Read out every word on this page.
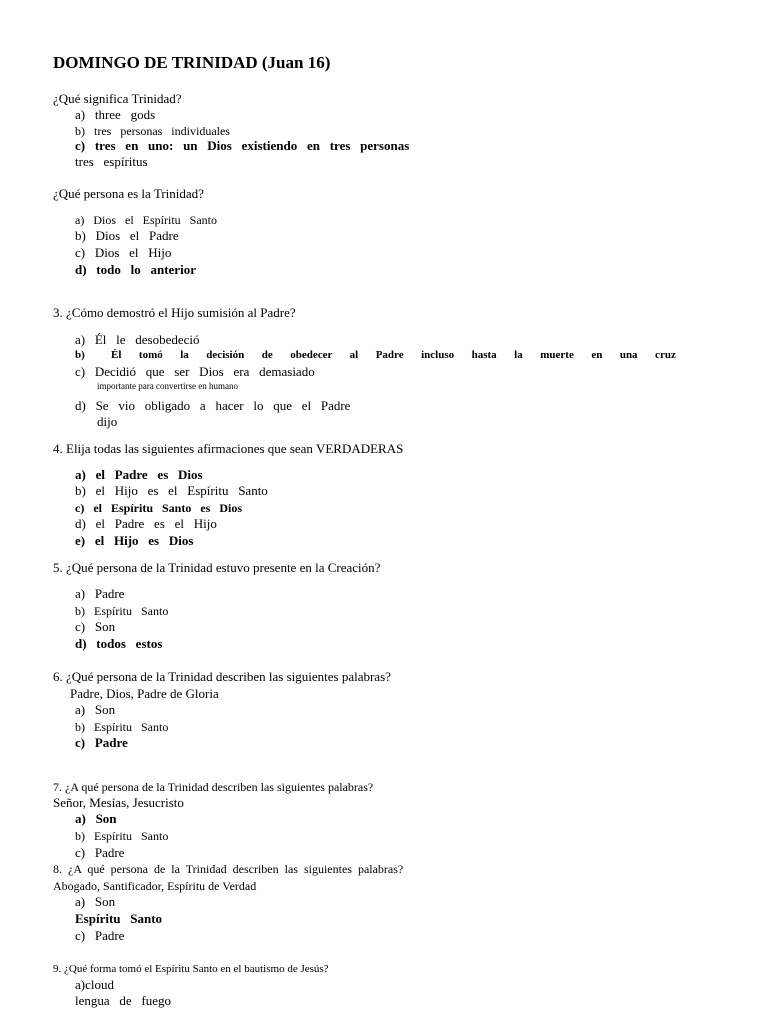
DOMINGO DE TRINIDAD (Juan 16)
¿Qué significa Trinidad?
a)   three   gods
b)   tres   personas   individuales
c)   tres   en   uno:   un   Dios   existiendo   en   tres   personas
tres   espíritus
¿Qué persona es la Trinidad?
a)   Dios   el   Espíritu   Santo
b)   Dios   el   Padre
c)   Dios   el   Hijo
d)   todo   lo   anterior
3. ¿Cómo demostró el Hijo sumisión al Padre?
a)   Él   le   desobedeció
b)   Él  tomó  la  decisión  de  obedecer  al  Padre  incluso  hasta  la  muerte  en  una  cruz
c)   Decidió   que   ser   Dios   era   demasiado
importante para convertirse en humano
d)   Se   vio   obligado   a   hacer   lo   que   el   Padre
dijo
4. Elija todas las siguientes afirmaciones que sean VERDADERAS
a)   el   Padre   es   Dios
b)   el   Hijo   es   el   Espíritu   Santo
c)   el   Espíritu   Santo   es   Dios
d)   el   Padre   es   el   Hijo
e)   el   Hijo   es   Dios
5. ¿Qué persona de la Trinidad estuvo presente en la Creación?
a)   Padre
b)   Espíritu   Santo
c)   Son
d)   todos   estos
6. ¿Qué persona de la Trinidad describen las siguientes palabras?
Padre, Dios, Padre de Gloria
a)   Son
b)   Espíritu   Santo
c)   Padre
7. ¿A qué persona de la Trinidad describen las siguientes palabras?
Señor, Mesías, Jesucristo
a)   Son
b)   Espíritu   Santo
c)   Padre
8.  ¿A  qué  persona  de  la  Trinidad  describen  las  siguientes  palabras?
Abogado, Santificador, Espíritu de Verdad
a)   Son
Espíritu   Santo
c)   Padre
9. ¿Qué forma tomó el Espíritu Santo en el bautismo de Jesús?
a)cloud
lengua   de   fuego
